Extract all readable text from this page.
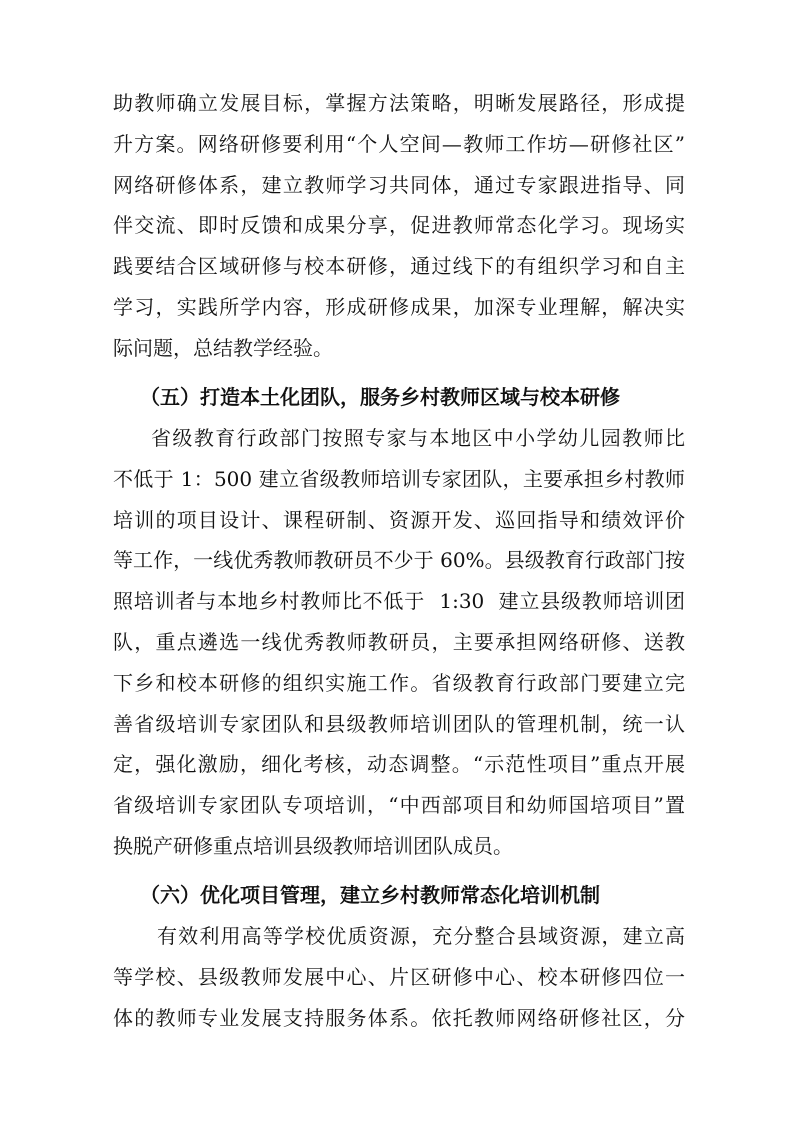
助教师确立发展目标，掌握方法策略，明晰发展路径，形成提
升方案。网络研修要利用“个人空间—教师工作坊—研修社区”
网络研修体系，建立教师学习共同体，通过专家跟进指导、同
伴交流、即时反馈和成果分享，促进教师常态化学习。现场实
践要结合区域研修与校本研修，通过线下的有组织学习和自主
学习，实践所学内容，形成研修成果，加深专业理解，解决实
际问题，总结教学经验。
（五）打造本土化团队，服务乡村教师区域与校本研修
省级教育行政部门按照专家与本地区中小学幼儿园教师比
不低于 1：500 建立省级教师培训专家团队，主要承担乡村教师
培训的项目设计、课程研制、资源开发、巡回指导和绩效评价
等工作，一线优秀教师教研员不少于 60%。县级教育行政部门按
照培训者与本地乡村教师比不低于  1:30  建立县级教师培训团
队，重点遴选一线优秀教师教研员，主要承担网络研修、送教
下乡和校本研修的组织实施工作。省级教育行政部门要建立完
善省级培训专家团队和县级教师培训团队的管理机制，统一认
定，强化激励，细化考核，动态调整。“示范性项目”重点开展
省级培训专家团队专项培训，“中西部项目和幼师国培项目”置
换脱产研修重点培训县级教师培训团队成员。
（六）优化项目管理，建立乡村教师常态化培训机制
有效利用高等学校优质资源，充分整合县域资源，建立高
等学校、县级教师发展中心、片区研修中心、校本研修四位一
体的教师专业发展支持服务体系。依托教师网络研修社区，分
